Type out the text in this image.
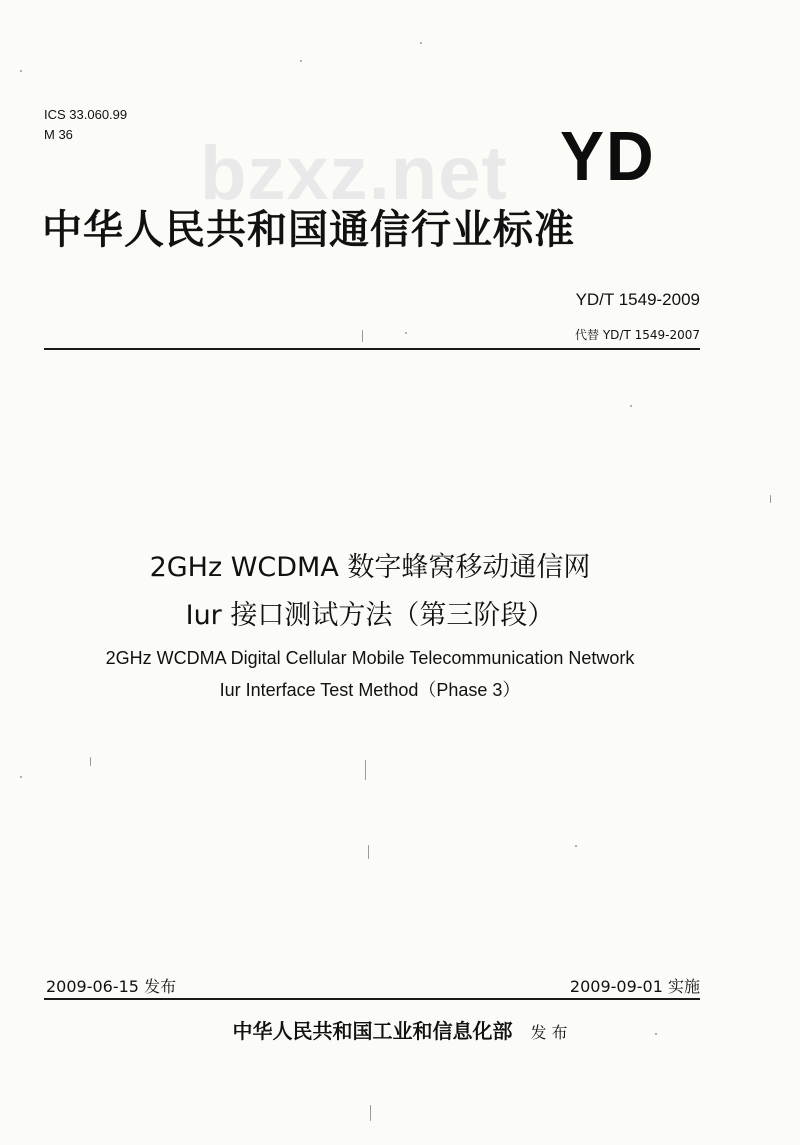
ICS 33.060.99
M 36	bzxz.net YD
中华人民共和国通信行业标准
YD/T 1549-2009
代替 YD/T 1549-2007
2GHz WCDMA 数字蜂窝移动通信网
Iur 接口测试方法（第三阶段）
2GHz WCDMA Digital Cellular Mobile Telecommunication Network
Iur Interface Test Method（Phase 3）
2009-06-15 发布	2009-09-01 实施
中华人民共和国工业和信息化部 发 布
